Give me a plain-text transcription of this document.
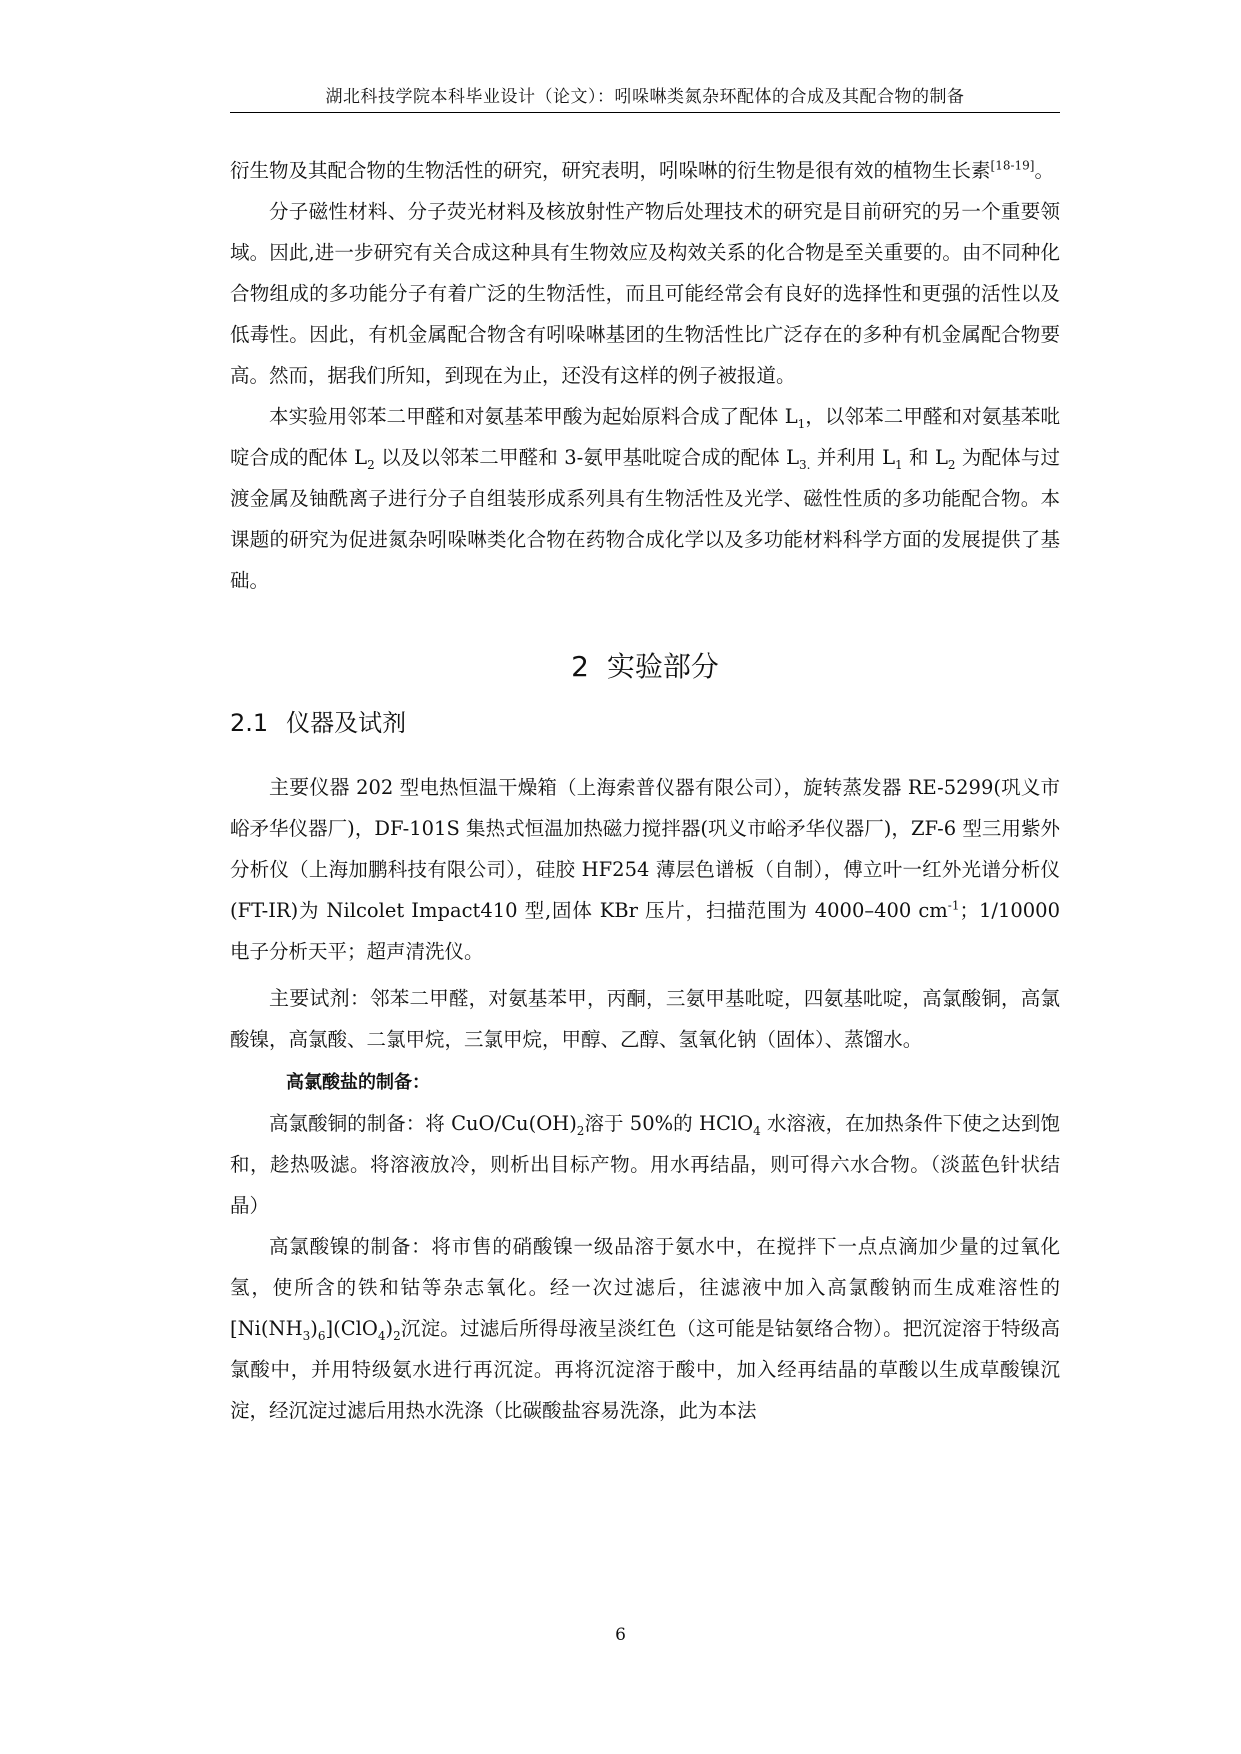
湖北科技学院本科毕业设计（论文）：吲哚啉类氮杂环配体的合成及其配合物的制备

衍生物及其配合物的生物活性的研究，研究表明，吲哚啉的衍生物是很有效的植物生长素[18-19]。

分子磁性材料、分子荧光材料及核放射性产物后处理技术的研究是目前研究的另一个重要领域。因此,进一步研究有关合成这种具有生物效应及构效关系的化合物是至关重要的。由不同种化合物组成的多功能分子有着广泛的生物活性，而且可能经常会有良好的选择性和更强的活性以及低毒性。因此，有机金属配合物含有吲哚啉基团的生物活性比广泛存在的多种有机金属配合物要高。然而，据我们所知，到现在为止，还没有这样的例子被报道。

本实验用邻苯二甲醛和对氨基苯甲酸为起始原料合成了配体 $L_1$，以邻苯二甲醛和对氨基苯吡啶合成的配体 $L_2$ 以及以邻苯二甲醛和 3-氨甲基吡啶合成的配体 $L_{3.}$ 并利用 $L_1$ 和 $L_2$ 为配体与过渡金属及铀酰离子进行分子自组装形成系列具有生物活性及光学、磁性性质的多功能配合物。本课题的研究为促进氮杂吲哚啉类化合物在药物合成化学以及多功能材料科学方面的发展提供了基础。

2 实验部分
2.1 仪器及试剂

主要仪器 202 型电热恒温干燥箱（上海索普仪器有限公司），旋转蒸发器 RE-5299(巩义市峪矛华仪器厂)，DF-101S 集热式恒温加热磁力搅拌器(巩义市峪矛华仪器厂)，ZF-6 型三用紫外分析仪（上海加鹏科技有限公司），硅胶 HF254 薄层色谱板（自制），傅立叶一红外光谱分析仪(FT-IR)为 Nilcolet Impact410 型,固体 KBr 压片，扫描范围为 4000–400 $cm^{-1}$；1/10000 电子分析天平；超声清洗仪。

主要试剂：邻苯二甲醛，对氨基苯甲，丙酮，三氨甲基吡啶，四氨基吡啶，高氯酸铜，高氯酸镍，高氯酸、二氯甲烷，三氯甲烷，甲醇、乙醇、氢氧化钠（固体）、蒸馏水。

高氯酸盐的制备：

高氯酸铜的制备：将 CuO/$Cu(OH)_2$溶于 50%的 HClO$_4$ 水溶液，在加热条件下使之达到饱和，趁热吸滤。将溶液放冷，则析出目标产物。用水再结晶，则可得六水合物。（淡蓝色针状结晶）

高氯酸镍的制备：将市售的硝酸镍一级品溶于氨水中，在搅拌下一点点滴加少量的过氧化氢，使所含的铁和钴等杂志氧化。经一次过滤后，往滤液中加入高氯酸钠而生成难溶性的$[Ni(NH_3)_6](ClO_4)_2$沉淀。过滤后所得母液呈淡红色（这可能是钴氨络合物）。把沉淀溶于特级高氯酸中，并用特级氨水进行再沉淀。再将沉淀溶于酸中，加入经再结晶的草酸以生成草酸镍沉淀，经沉淀过滤后用热水洗涤（比碳酸盐容易洗涤，此为本法

6
